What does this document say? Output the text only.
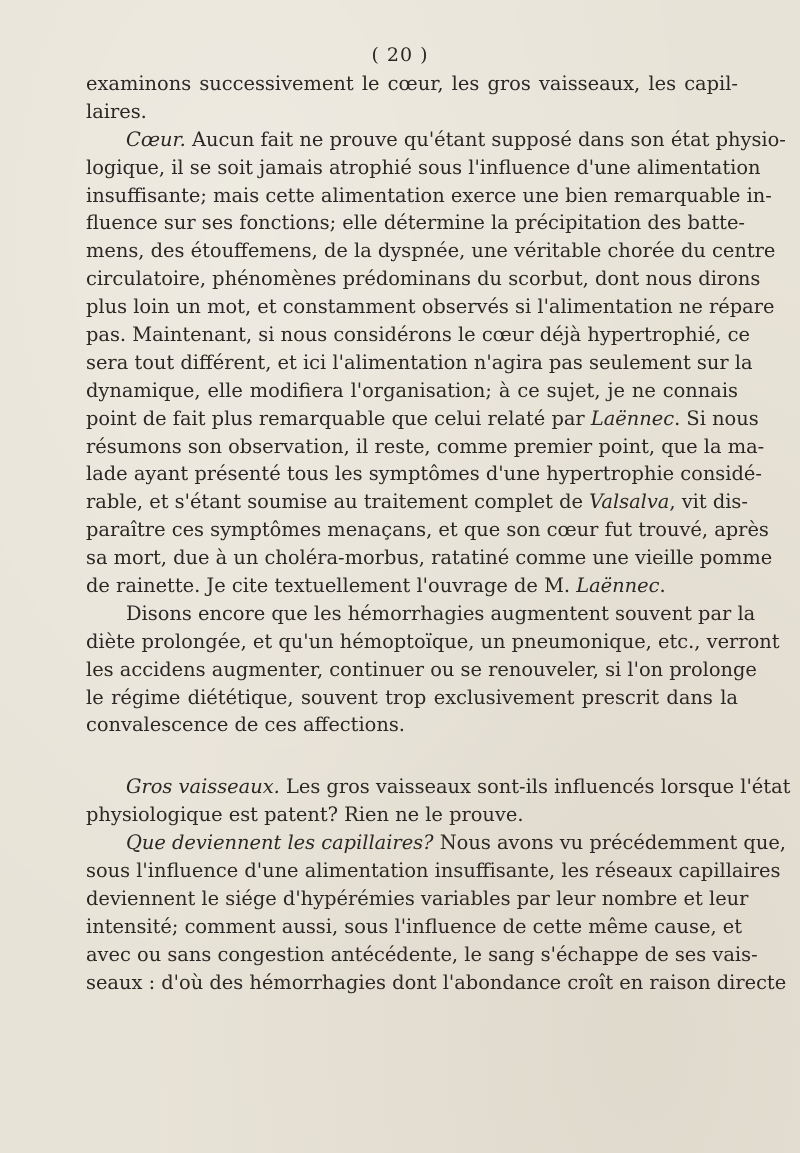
( 20 )
examinons successivement le cœur, les gros vaisseaux, les capil-
laires.
Cœur. Aucun fait ne prouve qu'étant supposé dans son état physio-
logique, il se soit jamais atrophié sous l'influence d'une alimentation
insuffisante; mais cette alimentation exerce une bien remarquable in-
fluence sur ses fonctions; elle détermine la précipitation des batte-
mens, des étouffemens, de la dyspnée, une véritable chorée du centre
circulatoire, phénomènes prédominans du scorbut, dont nous dirons
plus loin un mot, et constamment observés si l'alimentation ne répare
pas. Maintenant, si nous considérons le cœur déjà hypertrophié, ce
sera tout différent, et ici l'alimentation n'agira pas seulement sur la
dynamique, elle modifiera l'organisation; à ce sujet, je ne connais
point de fait plus remarquable que celui relaté par Laënnec. Si nous
résumons son observation, il reste, comme premier point, que la ma-
lade ayant présenté tous les symptômes d'une hypertrophie considé-
rable, et s'étant soumise au traitement complet de Valsalva, vit dis-
paraître ces symptômes menaçans, et que son cœur fut trouvé, après
sa mort, due à un choléra-morbus, ratatiné comme une vieille pomme
de rainette. Je cite textuellement l'ouvrage de M. Laënnec.
Disons encore que les hémorrhagies augmentent souvent par la
diète prolongée, et qu'un hémoptoïque, un pneumonique, etc., verront
les accidens augmenter, continuer ou se renouveler, si l'on prolonge
le régime diététique, souvent trop exclusivement prescrit dans la
convalescence de ces affections.
Gros vaisseaux. Les gros vaisseaux sont-ils influencés lorsque l'état
physiologique est patent? Rien ne le prouve.
Que deviennent les capillaires? Nous avons vu précédemment que,
sous l'influence d'une alimentation insuffisante, les réseaux capillaires
deviennent le siége d'hypérémies variables par leur nombre et leur
intensité; comment aussi, sous l'influence de cette même cause, et
avec ou sans congestion antécédente, le sang s'échappe de ses vais-
seaux : d'où des hémorrhagies dont l'abondance croît en raison directe
